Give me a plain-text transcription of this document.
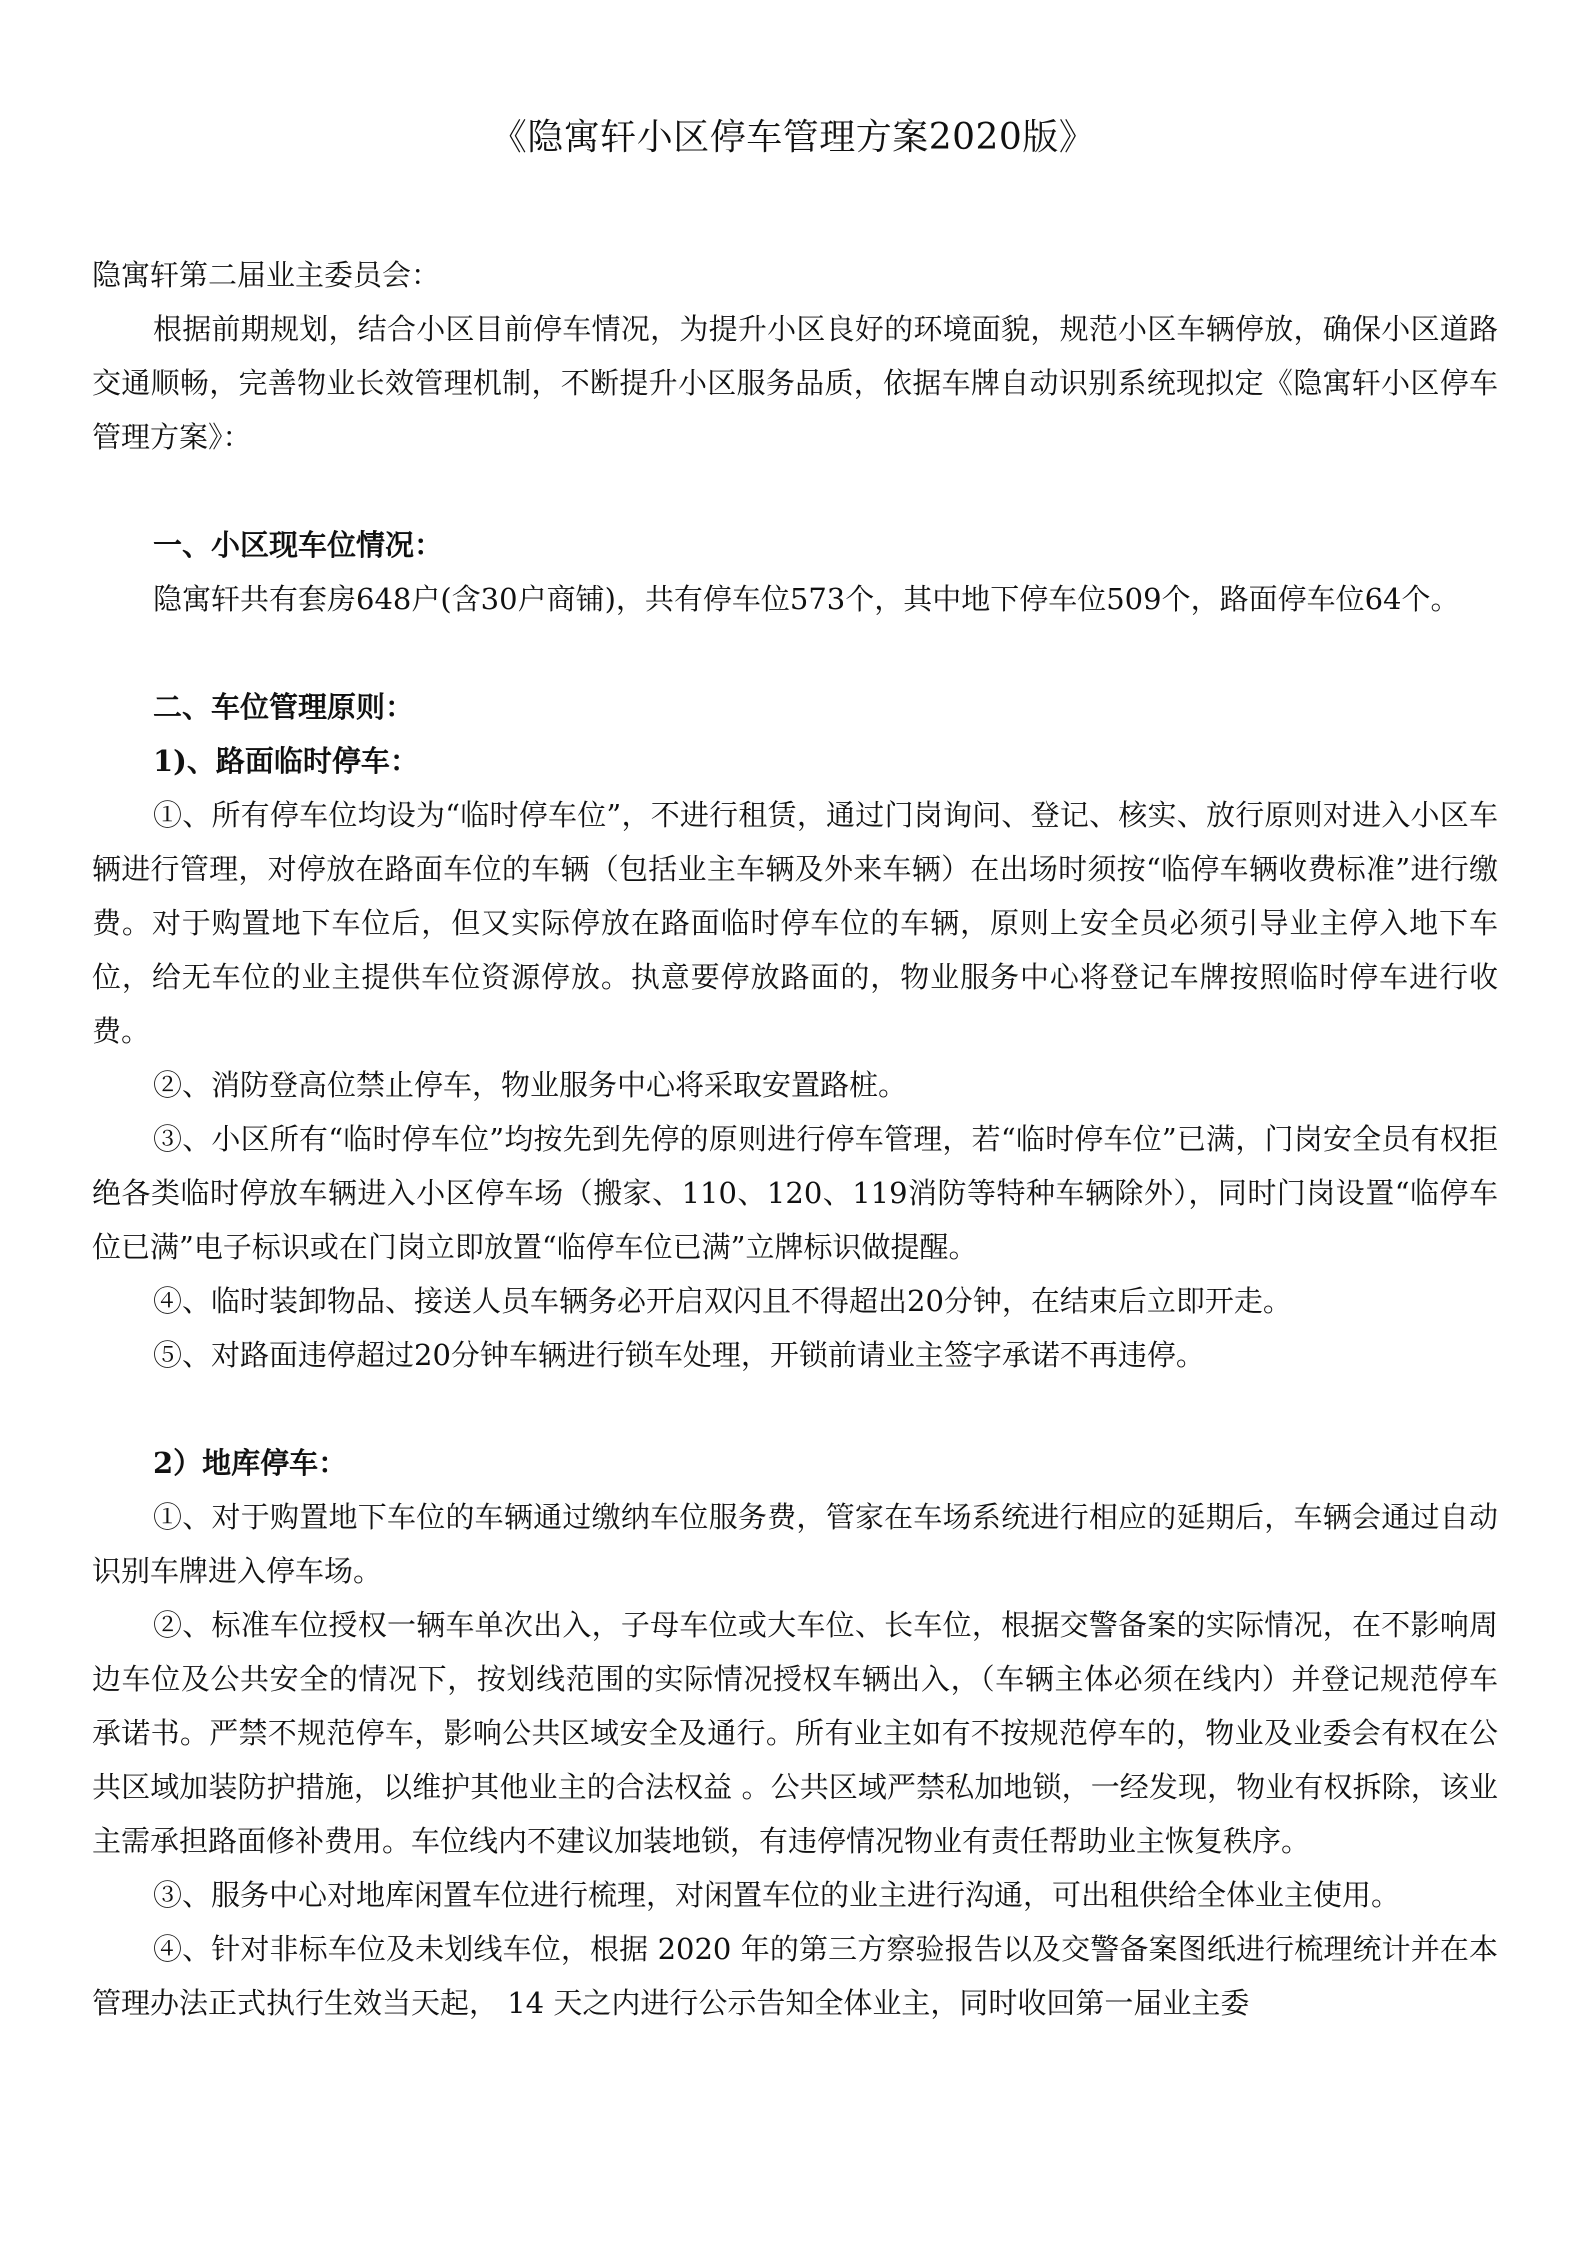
《隐寓轩小区停车管理方案2020版》

隐寓轩第二届业主委员会：

根据前期规划，结合小区目前停车情况，为提升小区良好的环境面貌，规范小区车辆停放，确保小区道路交通顺畅，完善物业长效管理机制，不断提升小区服务品质，依据车牌自动识别系统现拟定《隐寓轩小区停车管理方案》：

一、小区现车位情况：

隐寓轩共有套房648户(含30户商铺)，共有停车位573个，其中地下停车位509个，路面停车位64个。

二、车位管理原则：

1)、路面临时停车：

①、所有停车位均设为“临时停车位”，不进行租赁，通过门岗询问、登记、核实、放行原则对进入小区车辆进行管理，对停放在路面车位的车辆（包括业主车辆及外来车辆）在出场时须按“临停车辆收费标准”进行缴费。对于购置地下车位后，但又实际停放在路面临时停车位的车辆，原则上安全员必须引导业主停入地下车位，给无车位的业主提供车位资源停放。执意要停放路面的，物业服务中心将登记车牌按照临时停车进行收费。

②、消防登高位禁止停车，物业服务中心将采取安置路桩。

③、小区所有“临时停车位”均按先到先停的原则进行停车管理，若“临时停车位”已满，门岗安全员有权拒绝各类临时停放车辆进入小区停车场（搬家、110、120、119消防等特种车辆除外），同时门岗设置“临停车位已满”电子标识或在门岗立即放置“临停车位已满”立牌标识做提醒。

④、临时装卸物品、接送人员车辆务必开启双闪且不得超出20分钟，在结束后立即开走。

⑤、对路面违停超过20分钟车辆进行锁车处理，开锁前请业主签字承诺不再违停。

2）地库停车：

①、对于购置地下车位的车辆通过缴纳车位服务费，管家在车场系统进行相应的延期后，车辆会通过自动识别车牌进入停车场。

②、标准车位授权一辆车单次出入，子母车位或大车位、长车位，根据交警备案的实际情况，在不影响周边车位及公共安全的情况下，按划线范围的实际情况授权车辆出入，（车辆主体必须在线内）并登记规范停车承诺书。严禁不规范停车，影响公共区域安全及通行。所有业主如有不按规范停车的，物业及业委会有权在公共区域加装防护措施，以维护其他业主的合法权益 。公共区域严禁私加地锁，一经发现，物业有权拆除，该业主需承担路面修补费用。车位线内不建议加装地锁，有违停情况物业有责任帮助业主恢复秩序。

③、服务中心对地库闲置车位进行梳理，对闲置车位的业主进行沟通，可出租供给全体业主使用。

④、针对非标车位及未划线车位，根据 2020 年的第三方察验报告以及交警备案图纸进行梳理统计并在本管理办法正式执行生效当天起， 14 天之内进行公示告知全体业主，同时收回第一届业主委
